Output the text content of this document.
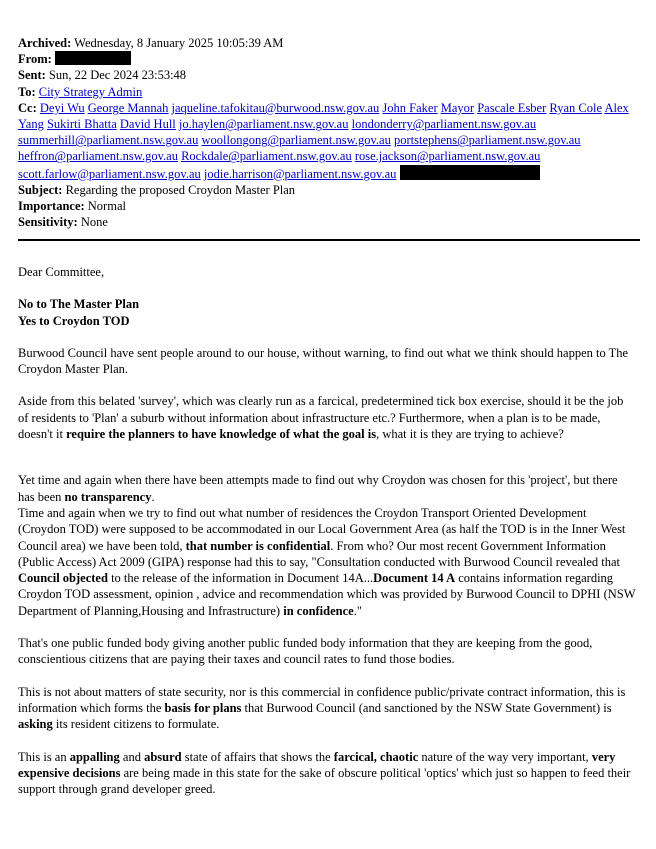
Archived: Wednesday, 8 January 2025 10:05:39 AM
From:
Sent: Sun, 22 Dec 2024 23:53:48
To: City Strategy Admin
Cc: Deyi Wu George Mannah jaqueline.tafokitau@burwood.nsw.gov.au John Faker Mayor Pascale Esber Ryan Cole Alex
Yang Sukirti Bhatta David Hull jo.haylen@parliament.nsw.gov.au londonderry@parliament.nsw.gov.au
summerhill@parliament.nsw.gov.au woollongong@parliament.nsw.gov.au portstephens@parliament.nsw.gov.au
heffron@parliament.nsw.gov.au Rockdale@parliament.nsw.gov.au rose.jackson@parliament.nsw.gov.au
scott.farlow@parliament.nsw.gov.au jodie.harrison@parliament.nsw.gov.au
Subject: Regarding the proposed Croydon Master Plan
Importance: Normal
Sensitivity: None

Dear Committee,

No to The Master Plan

Yes to Croydon TOD

Burwood Council have sent people around to our house, without warning, to find out what we think should happen to The Croydon Master Plan.

Aside from this belated 'survey', which was clearly run as a farcical, predetermined tick box exercise, should it be the job of residents to 'Plan' a suburb without information about infrastructure etc.? Furthermore, when a plan is to be made, doesn't it require the planners to have knowledge of what the goal is, what it is they are trying to achieve?

Yet time and again when there have been attempts made to find out why Croydon was chosen for this 'project', but there has been no transparency.

Time and again when we try to find out what number of residences the Croydon Transport Oriented Development (Croydon TOD) were supposed to be accommodated in our Local Government Area (as half the TOD is in the Inner West Council area) we have been told, that number is confidential. From who? Our most recent Government Information (Public Access) Act 2009 (GIPA) response had this to say, "Consultation conducted with Burwood Council revealed that Council objected to the release of the information in Document 14A...Document 14 A contains information regarding Croydon TOD assessment, opinion , advice and recommendation which was provided by Burwood Council to DPHI (NSW Department of Planning,Housing and Infrastructure) in confidence."

That's one public funded body giving another public funded body information that they are keeping from the good, conscientious citizens that are paying their taxes and council rates to fund those bodies.

This is not about matters of state security, nor is this commercial in confidence public/private contract information, this is information which forms the basis for plans that Burwood Council (and sanctioned by the NSW State Government) is asking its resident citizens to formulate.

This is an appalling and absurd state of affairs that shows the farcical, chaotic nature of the way very important, very expensive decisions are being made in this state for the sake of obscure political 'optics' which just so happen to feed their support through grand developer greed.
